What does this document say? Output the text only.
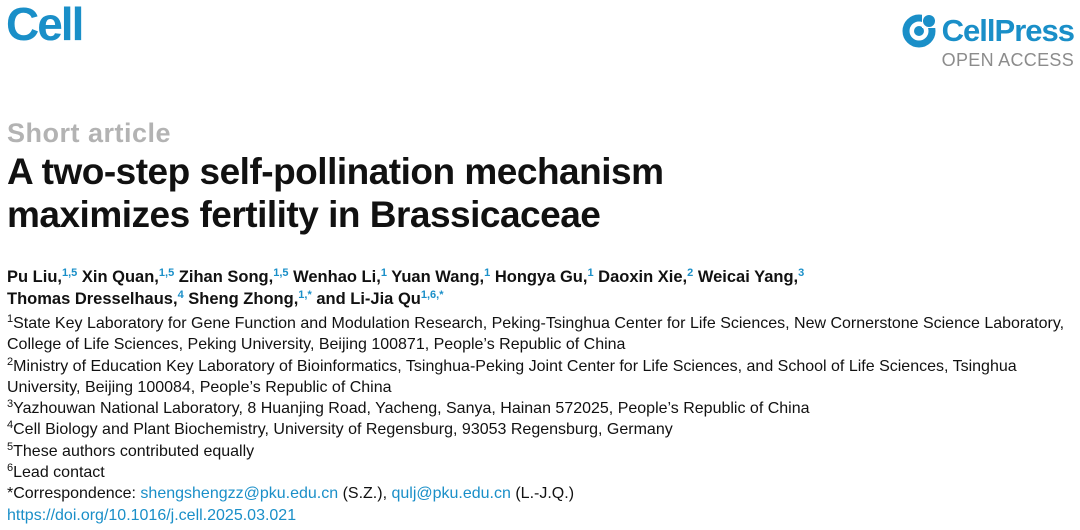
Cell	CellPress
OPEN ACCESS
Short article
A two-step self-pollination mechanism
maximizes fertility in Brassicaceae
Pu Liu,$^{1,5}$ Xin Quan,$^{1,5}$ Zihan Song,$^{1,5}$ Wenhao Li,$^1$ Yuan Wang,$^1$ Hongya Gu,$^1$ Daoxin Xie,$^2$ Weicai Yang,$^3$
Thomas Dresselhaus,$^4$ Sheng Zhong,$^{1,*}$ and Li-Jia $Qu^{1,6,*}$

$^1$State Key Laboratory for Gene Function and Modulation Research, Peking-Tsinghua Center for Life Sciences, New Cornerstone Science Laboratory, College of Life Sciences, Peking University, Beijing 100871, People’s Republic of China

$^2$Ministry of Education Key Laboratory of Bioinformatics, Tsinghua-Peking Joint Center for Life Sciences, and School of Life Sciences, Tsinghua University, Beijing 100084, People’s Republic of China

$^3$Yazhouwan National Laboratory, 8 Huanjing Road, Yacheng, Sanya, Hainan 572025, People’s Republic of China

$^4$Cell Biology and Plant Biochemistry, University of Regensburg, 93053 Regensburg, Germany

$^5$These authors contributed equally

$^6$Lead contact

*Correspondence: shengshengzz@pku.edu.cn (S.Z.), qulj@pku.edu.cn (L.-J.Q.)

https://doi.org/10.1016/j.cell.2025.03.021
